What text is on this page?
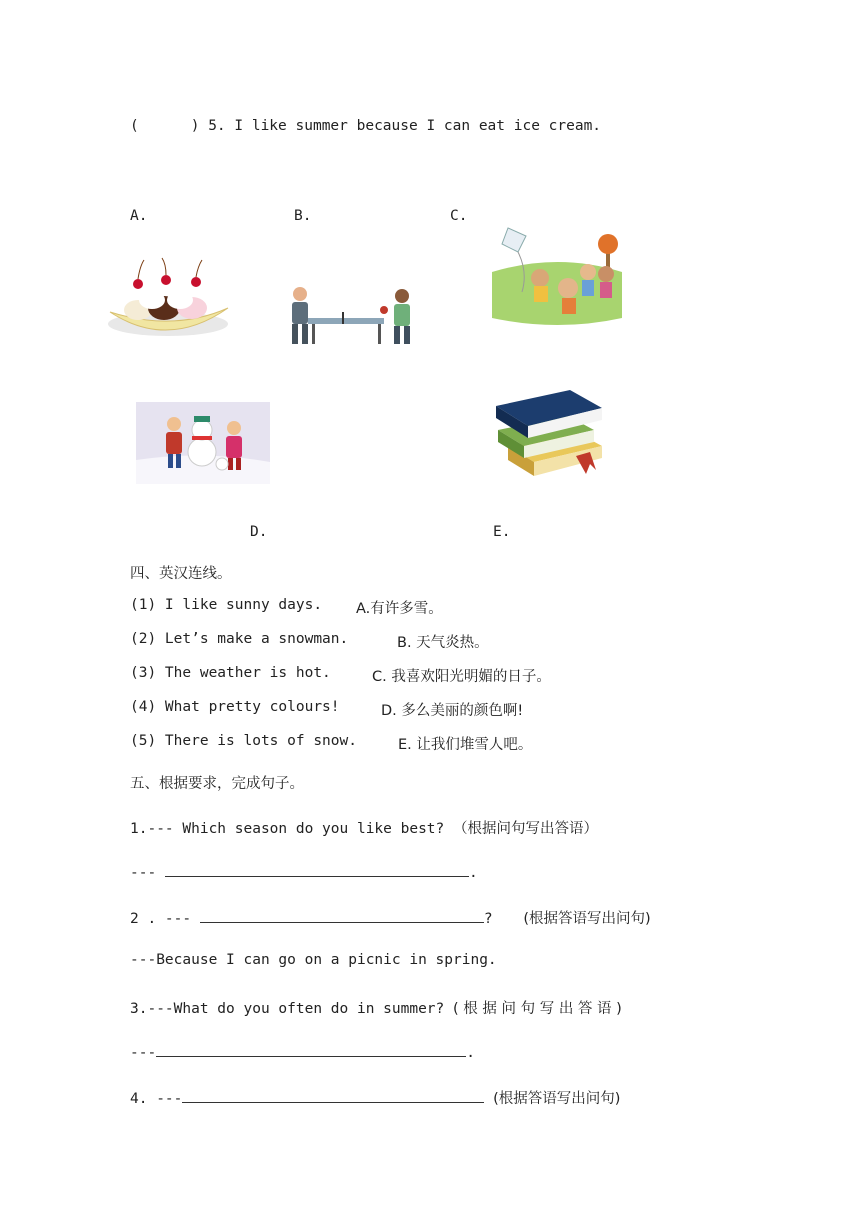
(	) 5. I like summer because I can eat ice cream.
A.	B.	C.
D.	E.
四、英汉连线。
(1) I like sunny days. A.有许多雪。
(2) Let’s make a snowman.	B. 天气炎热。
(3) The weather is hot.	C. 我喜欢阳光明媚的日子。
(4) What pretty colours!	D. 多么美丽的颜色啊!
(5) There is lots of snow.	E. 让我们堆雪人吧。
五、根据要求，完成句子。
1.--- Which season do you like best? （根据问句写出答语）
---	.
2 . ---	? (根据答语写出问句)
---Because I can go on a picnic in spring.
3.---What do you often do in summer? ( 根 据 问 句 写 出 答 语 )
---	.
4. ---	(根据答语写出问句)
